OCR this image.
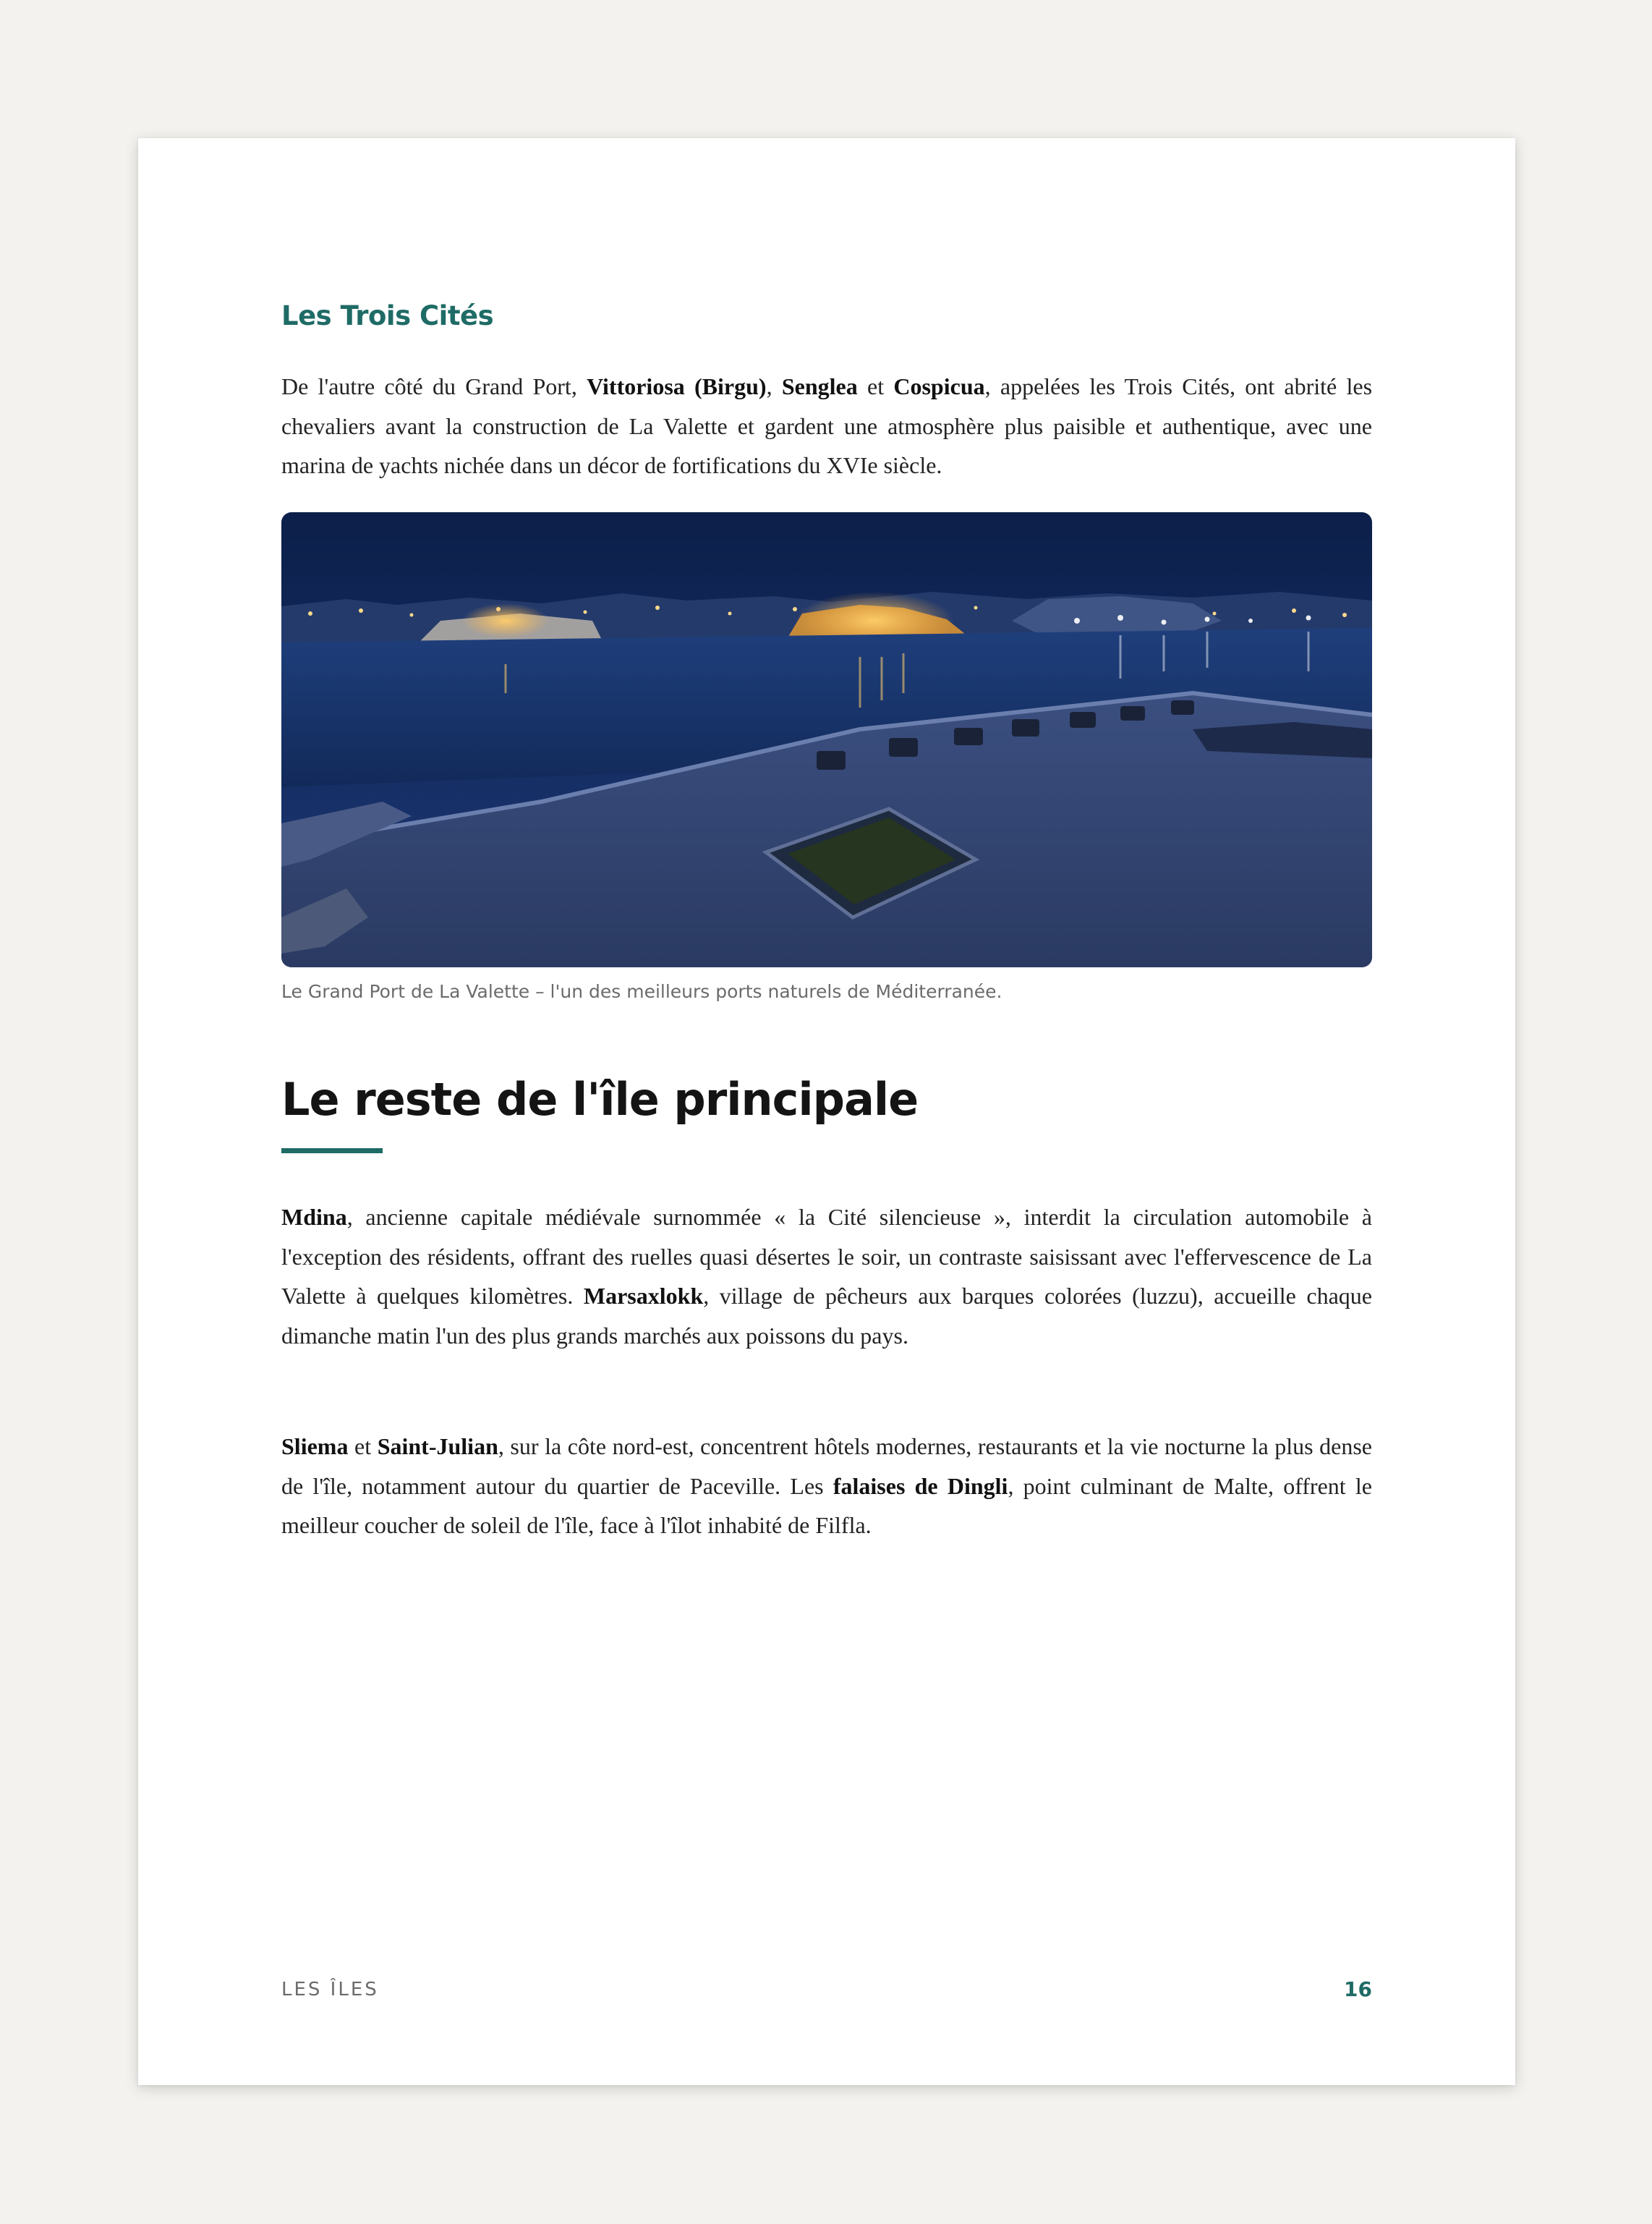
Les Trois Cités

De l'autre côté du Grand Port, Vittoriosa (Birgu), Senglea et Cospicua, appelées les Trois Cités, ont abrité les chevaliers avant la construction de La Valette et gardent une atmosphère plus paisible et authentique, avec une marina de yachts nichée dans un décor de fortifications du XVIe siècle.

Le Grand Port de La Valette – l'un des meilleurs ports naturels de Méditerranée.

Le reste de l'île principale

Mdina, ancienne capitale médiévale surnommée « la Cité silencieuse », interdit la circulation automobile à l'exception des résidents, offrant des ruelles quasi désertes le soir, un contraste saisissant avec l'effervescence de La Valette à quelques kilomètres. Marsaxlokk, village de pêcheurs aux barques colorées (luzzu), accueille chaque dimanche matin l'un des plus grands marchés aux poissons du pays.

Sliema et Saint-Julian, sur la côte nord-est, concentrent hôtels modernes, restaurants et la vie nocturne la plus dense de l'île, notamment autour du quartier de Paceville. Les falaises de Dingli, point culminant de Malte, offrent le meilleur coucher de soleil de l'île, face à l'îlot inhabité de Filfla.

LES ÎLES	16
